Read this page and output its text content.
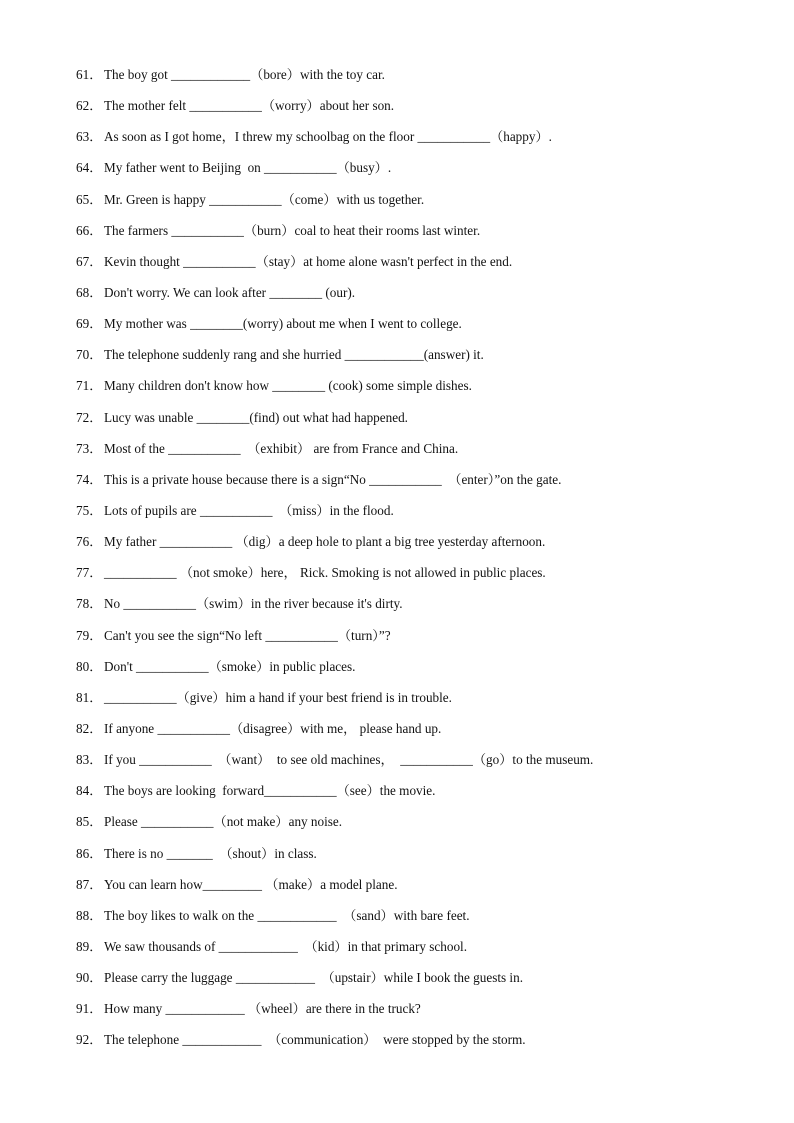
61． The boy got ____________（bore）with the toy car.
62． The mother felt ___________（worry）about her son.
63． As soon as I got home，I threw my schoolbag on the floor ___________（happy）.
64． My father went to Beijing  on ___________（busy）.
65． Mr. Green is happy ___________（come）with us together.
66． The farmers ___________（burn）coal to heat their rooms last winter.
67． Kevin thought ___________（stay）at home alone wasn't perfect in the end.
68． Don't worry. We can look after ________ (our).
69． My mother was ________(worry) about me when I went to college.
70． The telephone suddenly rang and she hurried ____________(answer) it.
71． Many children don't know how ________ (cook) some simple dishes.
72． Lucy was unable ________(find) out what had happened.
73． Most of the ___________  （exhibit） are from France and China.
74． This is a private house because there is a sign“No ___________  （enter）”on the gate.
75． Lots of pupils are ___________  （miss）in the flood.
76． My father ___________ （dig）a deep hole to plant a big tree yesterday afternoon.
77． ___________ （not smoke）here， Rick. Smoking is not allowed in public places.
78． No ___________（swim）in the river because it's dirty.
79． Can't you see the sign“No left ___________（turn）”?
80． Don't ___________（smoke）in public places.
81． ___________（give）him a hand if your best friend is in trouble.
82． If anyone ___________（disagree）with me， please hand up.
83． If you ___________  （want）  to see old machines，  ___________（go）to the museum.
84． The boys are looking  forward___________（see）the movie.
85． Please ___________（not make）any noise.
86． There is no _______  （shout）in class.
87． You can learn how_________ （make）a model plane.
88． The boy likes to walk on the ____________  （sand）with bare feet.
89． We saw thousands of ____________  （kid）in that primary school.
90． Please carry the luggage ____________  （upstair）while I book the guests in.
91． How many ____________ （wheel）are there in the truck?
92． The telephone ____________  （communication）  were stopped by the storm.
